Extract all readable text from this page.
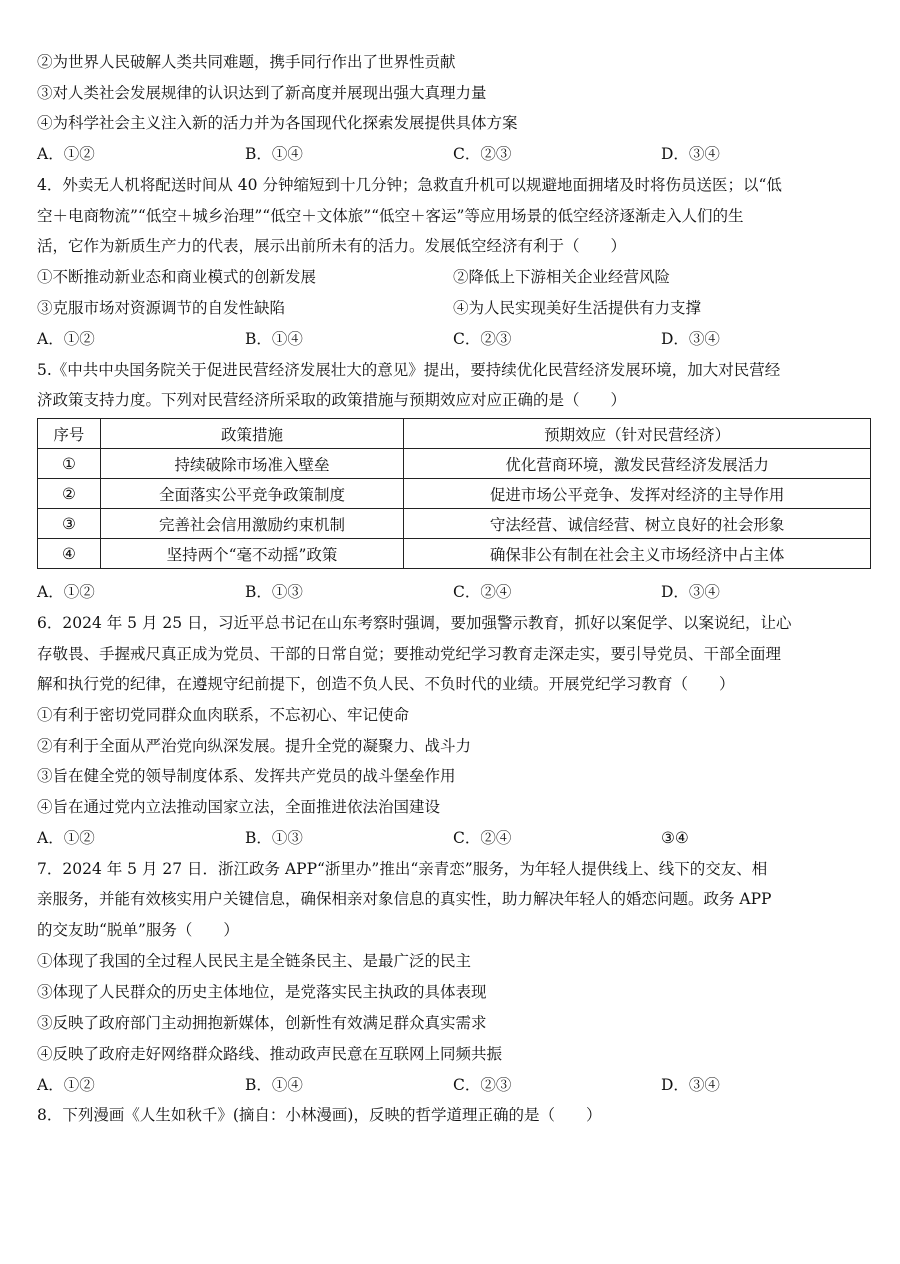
②为世界人民破解人类共同难题，携手同行作出了世界性贡献
③对人类社会发展规律的认识达到了新高度并展现出强大真理力量
④为科学社会主义注入新的活力并为各国现代化探索发展提供具体方案
A．①②	B．①④	C．②③	D．③④
4．外卖无人机将配送时间从 40 分钟缩短到十几分钟；急救直升机可以规避地面拥堵及时将伤员送医；以“低
空＋电商物流”“低空＋城乡治理”“低空＋文体旅”“低空＋客运”等应用场景的低空经济逐渐走入人们的生
活，它作为新质生产力的代表，展示出前所未有的活力。发展低空经济有利于（　　）
①不断推动新业态和商业模式的创新发展	②降低上下游相关企业经营风险
③克服市场对资源调节的自发性缺陷	④为人民实现美好生活提供有力支撑
A．①②	B．①④	C．②③	D．③④
5.《中共中央国务院关于促进民营经济发展壮大的意见》提出，要持续优化民营经济发展环境，加大对民营经
济政策支持力度。下列对民营经济所采取的政策措施与预期效应对应正确的是（　　）
序号	政策措施	预期效应（针对民营经济）
①	持续破除市场准入壁垒	优化营商环境，激发民营经济发展活力
②	全面落实公平竞争政策制度	促进市场公平竞争、发挥对经济的主导作用
③	完善社会信用激励约束机制	守法经营、诚信经营、树立良好的社会形象
④	坚持两个“毫不动摇”政策	确保非公有制在社会主义市场经济中占主体
A．①②	B．①③	C．②④	D．③④
6．2024 年 5 月 25 日，习近平总书记在山东考察时强调，要加强警示教育，抓好以案促学、以案说纪，让心
存敬畏、手握戒尺真正成为党员、干部的日常自觉；要推动党纪学习教育走深走实，要引导党员、干部全面理
解和执行党的纪律，在遵规守纪前提下，创造不负人民、不负时代的业绩。开展党纪学习教育（　　）
①有利于密切党同群众血肉联系，不忘初心、牢记使命
②有利于全面从严治党向纵深发展。提升全党的凝聚力、战斗力
③旨在健全党的领导制度体系、发挥共产党员的战斗堡垒作用
④旨在通过党内立法推动国家立法，全面推进依法治国建设
A．①②	B．①③	C．②④	③④
7．2024 年 5 月 27 日．浙江政务 APP“浙里办”推出“亲青恋”服务，为年轻人提供线上、线下的交友、相
亲服务，并能有效核实用户关键信息，确保相亲对象信息的真实性，助力解决年轻人的婚恋问题。政务 APP
的交友助“脱单”服务（　　）
①体现了我国的全过程人民民主是全链条民主、是最广泛的民主
③体现了人民群众的历史主体地位，是党落实民主执政的具体表现
③反映了政府部门主动拥抱新媒体，创新性有效满足群众真实需求
④反映了政府走好网络群众路线、推动政声民意在互联网上同频共振
A．①②	B．①④	C．②③	D．③④
8．下列漫画《人生如秋千》(摘自：小林漫画)，反映的哲学道理正确的是（　　）
